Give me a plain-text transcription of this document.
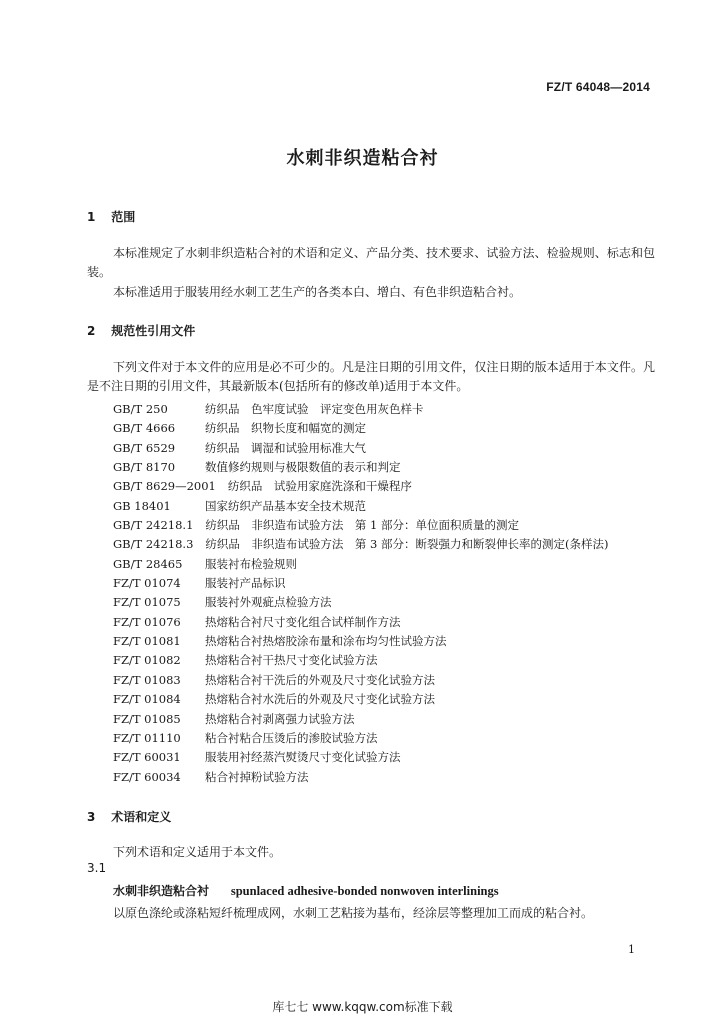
FZ/T 64048—2014
水刺非织造粘合衬
1 范围
本标准规定了水刺非织造粘合衬的术语和定义、产品分类、技术要求、试验方法、检验规则、标志和包装。
本标准适用于服装用经水刺工艺生产的各类本白、增白、有色非织造粘合衬。
2 规范性引用文件
下列文件对于本文件的应用是必不可少的。凡是注日期的引用文件，仅注日期的版本适用于本文件。凡是不注日期的引用文件，其最新版本(包括所有的修改单)适用于本文件。
GB/T 250	纺织品　色牢度试验　评定变色用灰色样卡
GB/T 4666	纺织品　织物长度和幅宽的测定
GB/T 6529	纺织品　调湿和试验用标准大气
GB/T 8170	数值修约规则与极限数值的表示和判定
GB/T 8629—2001 纺织品　试验用家庭洗涤和干燥程序
GB 18401	国家纺织产品基本安全技术规范
GB/T 24218.1 纺织品　非织造布试验方法　第 1 部分：单位面积质量的测定
GB/T 24218.3 纺织品　非织造布试验方法　第 3 部分：断裂强力和断裂伸长率的测定(条样法)
GB/T 28465 服装衬布检验规则
FZ/T 01074 服装衬产品标识
FZ/T 01075 服装衬外观疵点检验方法
FZ/T 01076 热熔粘合衬尺寸变化组合试样制作方法
FZ/T 01081 热熔粘合衬热熔胶涂布量和涂布均匀性试验方法
FZ/T 01082 热熔粘合衬干热尺寸变化试验方法
FZ/T 01083 热熔粘合衬干洗后的外观及尺寸变化试验方法
FZ/T 01084 热熔粘合衬水洗后的外观及尺寸变化试验方法
FZ/T 01085 热熔粘合衬剥离强力试验方法
FZ/T 01110 粘合衬粘合压烫后的渗胶试验方法
FZ/T 60031 服装用衬经蒸汽熨烫尺寸变化试验方法
FZ/T 60034 粘合衬掉粉试验方法
3 术语和定义
下列术语和定义适用于本文件。
3.1
水刺非织造粘合衬 spunlaced adhesive-bonded nonwoven interlinings
以原色涤纶或涤粘短纤梳理成网，水刺工艺粘接为基布，经涂层等整理加工而成的粘合衬。
1
库七七 www.kqqw.com标准下载
